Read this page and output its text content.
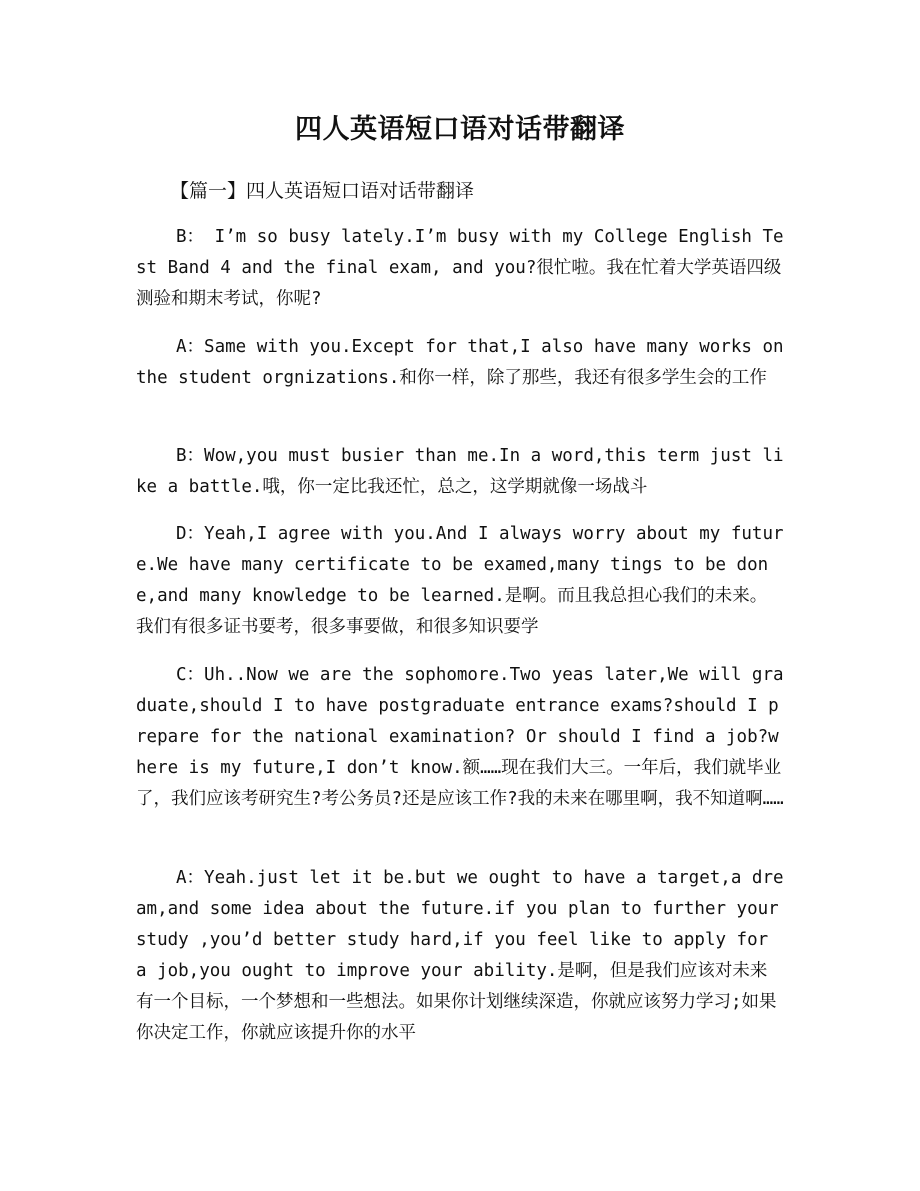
四人英语短口语对话带翻译
【篇一】四人英语短口语对话带翻译

B： I’m so busy lately.I’m busy with my College English Test Band 4 and the final exam, and you?很忙啦。我在忙着大学英语四级测验和期末考试，你呢?

A：Same with you.Except for that,I also have many works on the student orgnizations.和你一样，除了那些，我还有很多学生会的工作

B：Wow,you must busier than me.In a word,this term just like a battle.哦，你一定比我还忙，总之，这学期就像一场战斗

D：Yeah,I agree with you.And I always worry about my future.We have many certificate to be examed,many tings to be done,and many knowledge to be learned.是啊。而且我总担心我们的未来。我们有很多证书要考，很多事要做，和很多知识要学

C：Uh..Now we are the sophomore.Two yeas later,We will graduate,should I to have postgraduate entrance exams?should I prepare for the national examination? Or should I find a job?where is my future,I don’t know.额……现在我们大三。一年后，我们就毕业了，我们应该考研究生?考公务员?还是应该工作?我的未来在哪里啊，我不知道啊……

A：Yeah.just let it be.but we ought to have a target,a dream,and some idea about the future.if you plan to further your study ,you’d better study hard,if you feel like to apply for a job,you ought to improve your ability.是啊，但是我们应该对未来有一个目标，一个梦想和一些想法。如果你计划继续深造，你就应该努力学习;如果你决定工作，你就应该提升你的水平
